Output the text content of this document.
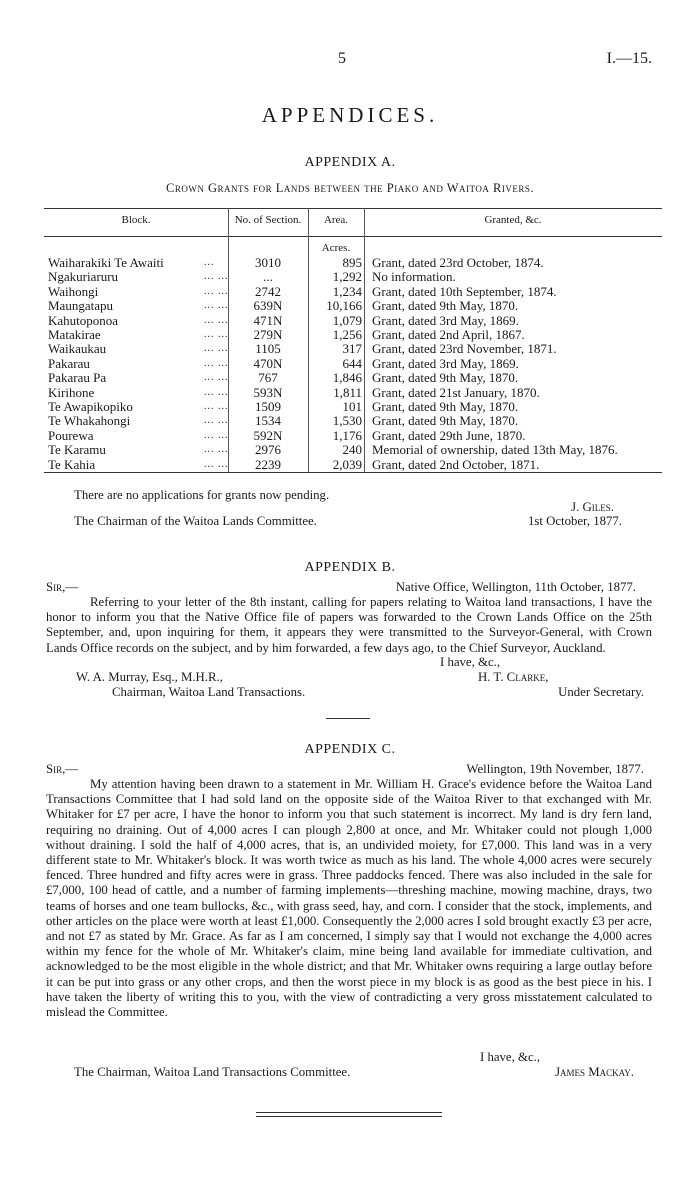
5	I.—15.
APPENDICES.
APPENDIX A.
Crown Grants for Lands between the Piako and Waitoa Rivers.
Block.	No. of Section.	Area.	Granted, &c.
Acres.
Waiharakiki Te Awaiti	...	3010	895 Grant, dated 23rd October, 1874.
Ngakuriaruru	... ...	...	1,292 No information.
Waihongi	... ...	2742	1,234 Grant, dated 10th September, 1874.
Maungatapu	... ...	639N	10,166 Grant, dated 9th May, 1870.
Kahutoponoa	... ...	471N	1,079 Grant, dated 3rd May, 1869.
Matakirae	... ...	279N	1,256 Grant, dated 2nd April, 1867.
Waikaukau	... ...	1105	317 Grant, dated 23rd November, 1871.
Pakarau	... ...	470N	644 Grant, dated 3rd May, 1869.
Pakarau Pa	... ...	767	1,846 Grant, dated 9th May, 1870.
Kirihone	... ...	593N	1,811 Grant, dated 21st January, 1870.
Te Awapikopiko	... ...	1509	101 Grant, dated 9th May, 1870.
Te Whakahongi	... ...	1534	1,530 Grant, dated 9th May, 1870.
Pourewa	... ...	592N	1,176 Grant, dated 29th June, 1870.
Te Karamu	... ...	2976	240 Memorial of ownership, dated 13th May, 1876.
Te Kahia	... ...	2239	2,039 Grant, dated 2nd October, 1871.
There are no applications for grants now pending.
J. Giles.
The Chairman of the Waitoa Lands Committee.	1st October, 1877.
APPENDIX B.
Sir,—	Native Office, Wellington, 11th October, 1877.
Referring to your letter of the 8th instant, calling for papers relating to Waitoa land transactions, I have the honor to inform you that the Native Office file of papers was forwarded to the Crown Lands Office on the 25th September, and, upon inquiring for them, it appears they were transmitted to the Surveyor-General, with Crown Lands Office records on the subject, and by him forwarded, a few days ago, to the Chief Surveyor, Auckland.
I have, &c.,
W. A. Murray, Esq., M.H.R.,	H. T. Clarke,
Chairman, Waitoa Land Transactions.	Under Secretary.
APPENDIX C.
Sir,—	Wellington, 19th November, 1877.
My attention having been drawn to a statement in Mr. William H. Grace's evidence before the Waitoa Land Transactions Committee that I had sold land on the opposite side of the Waitoa River to that exchanged with Mr. Whitaker for £7 per acre, I have the honor to inform you that such statement is incorrect. My land is dry fern land, requiring no draining. Out of 4,000 acres I can plough 2,800 at once, and Mr. Whitaker could not plough 1,000 without draining. I sold the half of 4,000 acres, that is, an undivided moiety, for £7,000. This land was in a very different state to Mr. Whitaker's block. It was worth twice as much as his land. The whole 4,000 acres were securely fenced. Three hundred and fifty acres were in grass. Three paddocks fenced. There was also included in the sale for £7,000, 100 head of cattle, and a number of farming implements—threshing machine, mowing machine, drays, two teams of horses and one team bullocks, &c., with grass seed, hay, and corn. I consider that the stock, implements, and other articles on the place were worth at least £1,000. Consequently the 2,000 acres I sold brought exactly £3 per acre, and not £7 as stated by Mr. Grace. As far as I am concerned, I simply say that I would not exchange the 4,000 acres within my fence for the whole of Mr. Whitaker's claim, mine being land available for immediate cultivation, and acknowledged to be the most eligible in the whole district; and that Mr. Whitaker owns requiring a large outlay before it can be put into grass or any other crops, and then the worst piece in my block is as good as the best piece in his. I have taken the liberty of writing this to you, with the view of contradicting a very gross misstatement calculated to mislead the Committee.
I have, &c.,
The Chairman, Waitoa Land Transactions Committee.	James Mackay.
